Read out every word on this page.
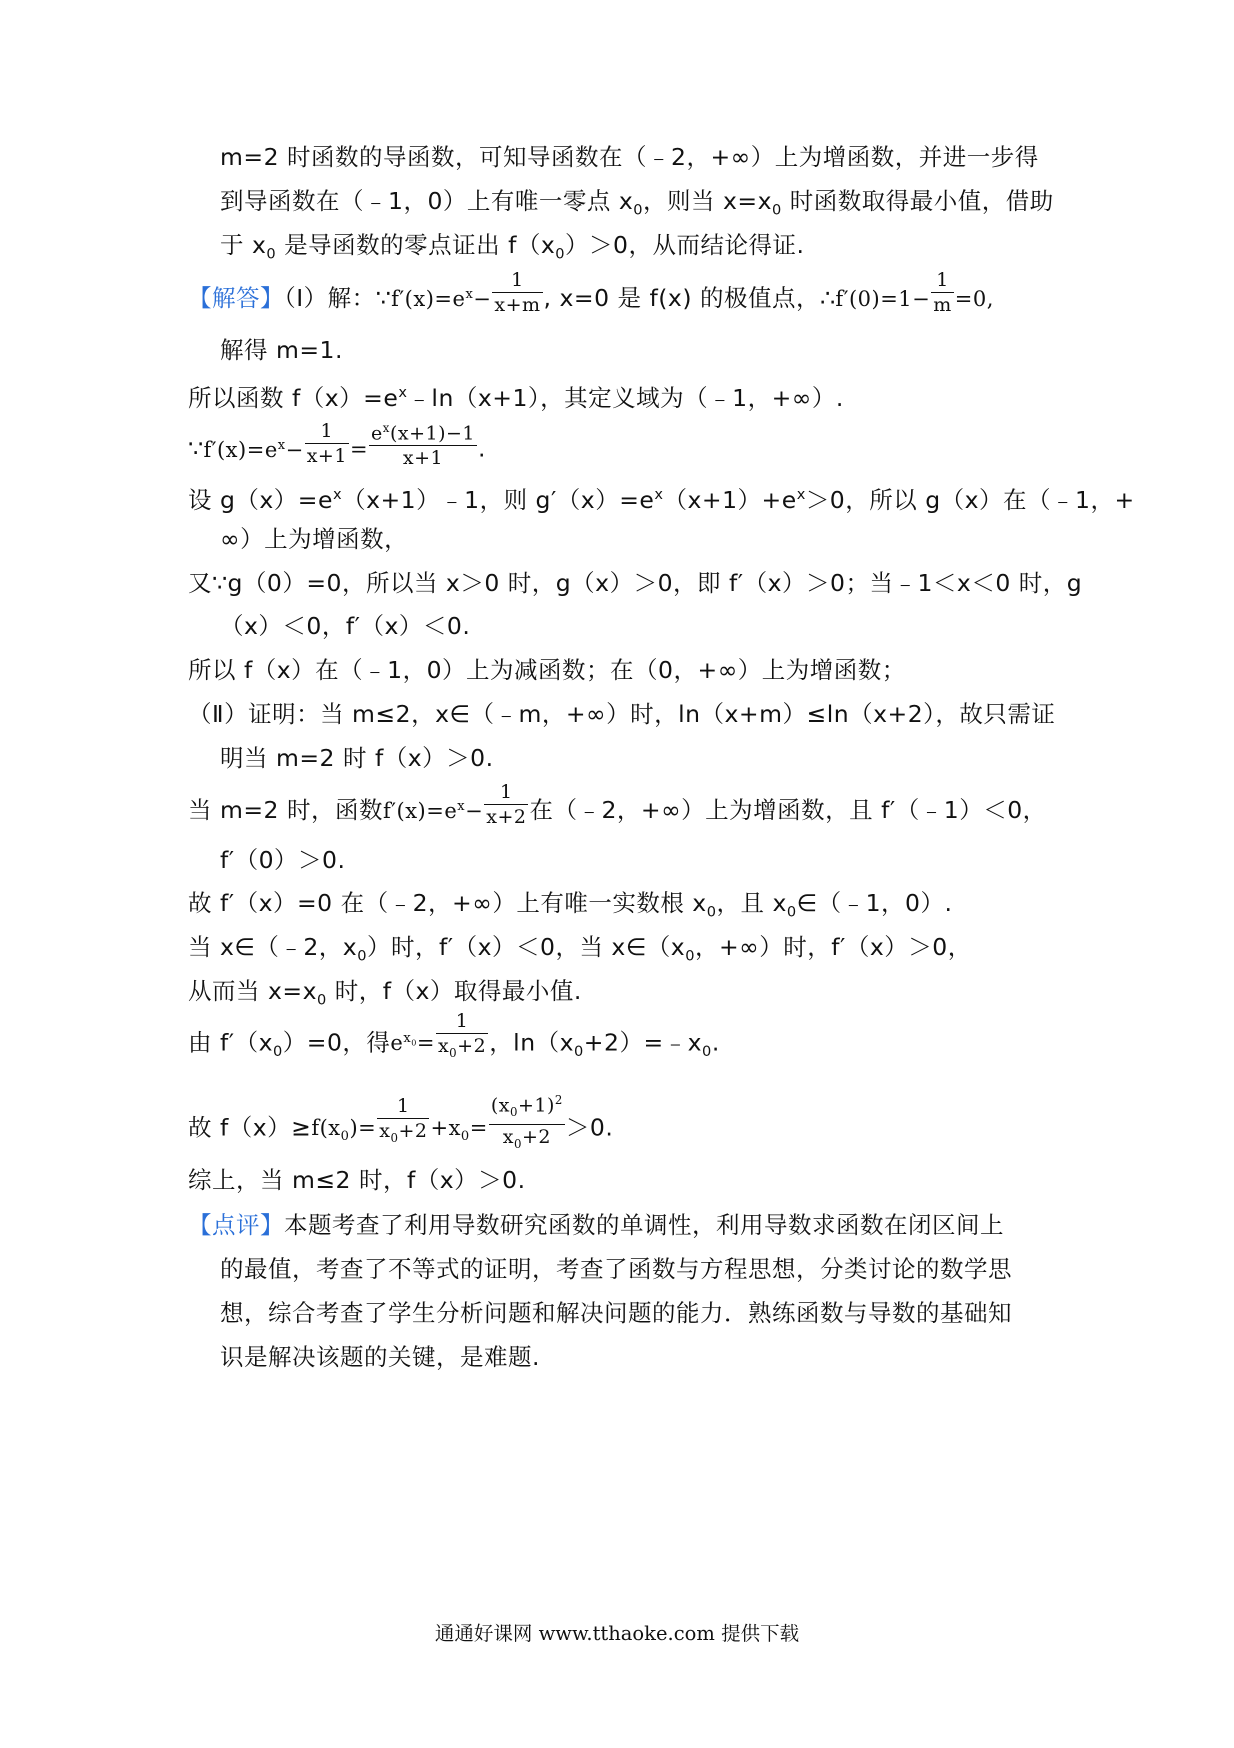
m=2 时函数的导函数，可知导函数在（﹣2，+∞）上为增函数，并进一步得
到导函数在（﹣1，0）上有唯一零点 $x_0$，则当 $x=x_0$ 时函数取得最小值，借助
于 $x_0$ 是导函数的零点证出 $f(x_0)>0$，从而结论得证.
【解答】（Ⅰ）解：$\because f'(x)=e^x- \frac{1}{x+m}$ , x=0 是 f(x) 的极值点，∴f′(0)=1− $\frac{1}{m} =0$,
解得 m=1.
所以函数 $f(x)=e^x﹣\ln(x+1)$，其定义域为（﹣1，+∞）.
$\because f'(x)=e^x- \frac{1}{x+1} = \frac{e^x(x+1)-1}{x+1}$ .
设 $g(x)=e^x(x+1)﹣1$，则 $g'(x)=e^x(x+1)+e^x>0$，所以 g（x）在（﹣1，+
∞）上为增函数，
又∵g（0）=0，所以当 x＞0 时，g（x）＞0，即 f′（x）＞0；当﹣1＜x＜0 时，g
（x）＜0，f′（x）＜0.
所以 f（x）在（﹣1，0）上为减函数；在（0，+∞）上为增函数；
（Ⅱ）证明：当 m≤2，x∈（﹣m，+∞）时，ln（x+m）≤ln（x+2），故只需证
明当 m=2 时 f（x）＞0.
当 m=2 时，函数$f'(x)=e^x- \frac{1}{x+2}$ 在（﹣2，+∞）上为增函数，且 f′（﹣1）＜0，
f′（0）＞0.
故 f′（x）=0 在（﹣2，+∞）上有唯一实数根 $x_0$，且 $x_0\in(﹣1$，0）.
当 x∈（﹣2，$x_0$）时，f′（x）＜0，当 $x\in(x_0$，+∞）时，f′（x）＞0，
从而当 $x=x_0$ 时，f（x）取得最小值.
由 $f'(x_0)=0$，得$e^{x_0}= \frac{1}{x_0+2}$ ，$\ln(x_0+2)=﹣x_0$.
故 $f(x)\ge f(x_0)= \frac{1}{x_0+2} +x_0= \frac{(x_0+1)^2}{x_0+2} >0$.
综上，当 m≤2 时，f（x）＞0.
【点评】本题考查了利用导数研究函数的单调性，利用导数求函数在闭区间上
的最值，考查了不等式的证明，考查了函数与方程思想，分类讨论的数学思
想，综合考查了学生分析问题和解决问题的能力．熟练函数与导数的基础知
识是解决该题的关键，是难题.
通通好课网 www.tthaoke.com 提供下载
